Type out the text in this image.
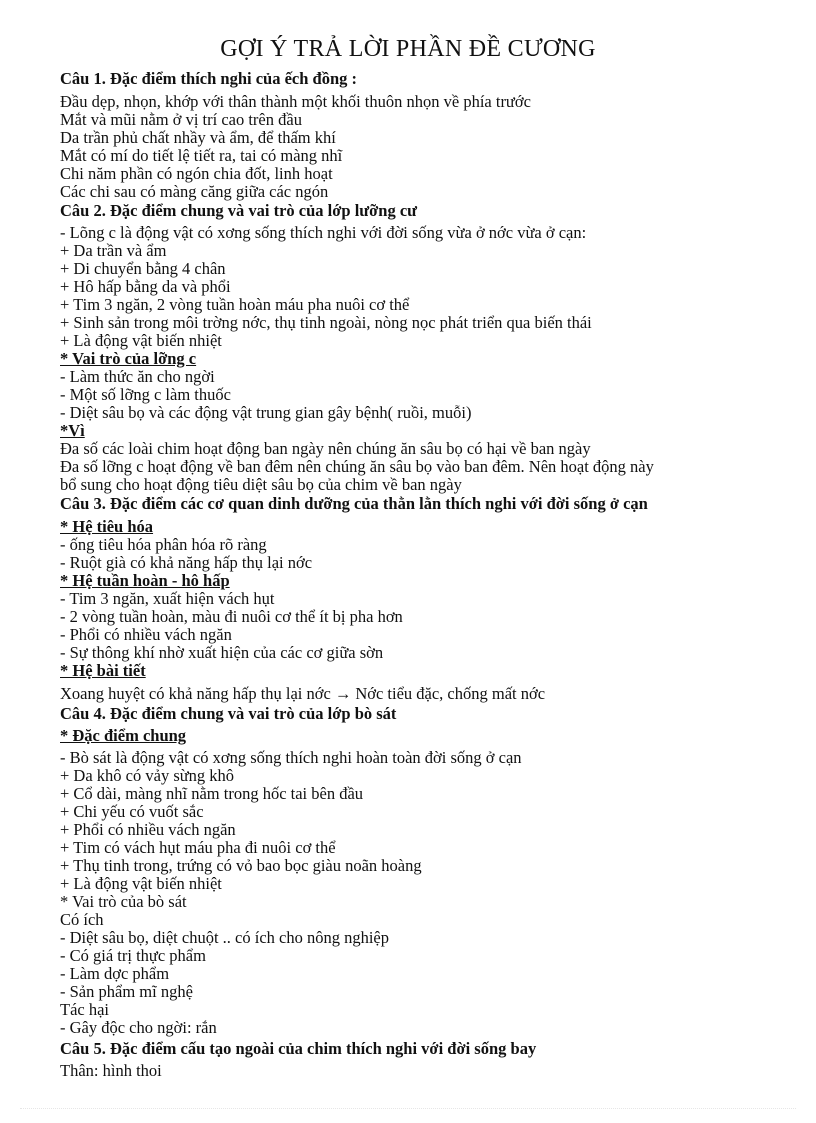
GỢI Ý TRẢ LỜI PHẦN ĐỀ CƯƠNG
Câu 1. Đặc điểm thích nghi của ếch đồng :
Đầu dẹp, nhọn, khớp với thân thành một khối thuôn nhọn về phía trước
Mắt và mũi nằm ở vị trí cao trên đầu
Da trần phủ chất nhầy và ẩm, để thấm khí
Mắt có mí do tiết lệ tiết ra, tai có màng nhĩ
Chi năm phần có ngón chia đốt, linh hoạt
Các chi sau có màng căng giữa các ngón
Câu 2. Đặc điểm chung và vai trò của lớp lưỡng cư
- Lõng c là động vật có xơng sống thích nghi với đời sống vừa ở nớc vừa ở cạn:
+ Da trần và ẩm
+ Di chuyển bằng 4 chân
+ Hô hấp bằng da và phổi
+ Tim 3 ngăn, 2 vòng tuần hoàn máu pha nuôi cơ thể
+ Sinh sản trong môi trờng nớc, thụ tinh ngoài, nòng nọc phát triển qua biến thái
+ Là động vật biến nhiệt
* Vai trò của lỡng c
- Làm thức ăn cho ngời
- Một số lỡng c làm thuốc
- Diệt sâu bọ và các động vật trung gian gây bệnh( ruồi, muỗi)
*Vì
Đa số các loài chim hoạt động ban ngày nên chúng ăn sâu bọ có hại về ban ngày
Đa số lỡng c hoạt động về ban đêm nên chúng ăn sâu bọ vào ban đêm. Nên hoạt động này
bổ sung cho hoạt động tiêu diệt sâu bọ của chim về ban ngày
Câu 3. Đặc điểm các cơ quan dinh dưỡng của thằn lằn thích nghi với đời sống ở cạn
* Hệ tiêu hóa
- ống tiêu hóa phân hóa rõ ràng
- Ruột già có khả năng hấp thụ lại nớc
* Hệ tuần hoàn - hô hấp
- Tim 3 ngăn, xuất hiện vách hụt
- 2 vòng tuần hoàn, màu đi nuôi cơ thể ít bị pha hơn
- Phổi có nhiều vách ngăn
- Sự thông khí nhờ xuất hiện của các cơ giữa sờn
* Hệ bài tiết
Xoang huyệt có khả năng hấp thụ lại nớc → Nớc tiểu đặc, chống mất nớc
Câu 4. Đặc điểm chung và vai trò của lớp bò sát
* Đặc điểm chung
- Bò sát là động vật có xơng sống thích nghi hoàn toàn đời sống ở cạn
+ Da khô có vảy sừng khô
+ Cổ dài, màng nhĩ nằm trong hốc tai bên đầu
+ Chi yếu có vuốt sắc
+ Phổi có nhiều vách ngăn
+ Tim có vách hụt máu pha đi nuôi cơ thể
+ Thụ tinh trong, trứng có vỏ bao bọc giàu noãn hoàng
+ Là động vật biến nhiệt
* Vai trò của bò sát
Có ích
- Diệt sâu bọ, diệt chuột .. có ích cho nông nghiệp
- Có giá trị thực phẩm
- Làm dợc phẩm
- Sản phẩm mĩ nghệ
Tác hại
- Gây độc cho ngời: rắn
Câu 5. Đặc điểm cấu tạo ngoài của chim thích nghi với đời sống bay
Thân: hình thoi
